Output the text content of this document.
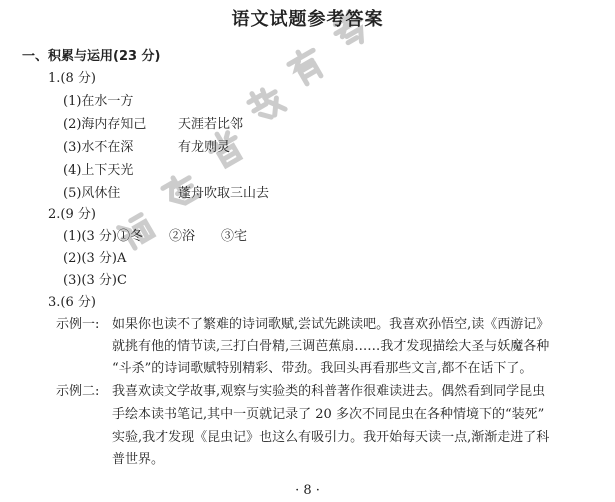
语文试题参考答案
一、积累与运用(23 分)
1.(8 分)
(1)在水一方
(2)海内存知己 天涯若比邻
(3)水不在深	有龙则灵
(4)上下天光
(5)风休住	蓬舟吹取三山去
2.(9 分)
(1)(3 分)①冬　　②浴　　③宅
(2)(3 分)A
(3)(3 分)C
3.(6 分)
示例一: 如果你也读不了繁难的诗词歌赋,尝试先跳读吧。我喜欢孙悟空,读《西游记》
就挑有他的情节读,三打白骨精,三调芭蕉扇……我才发现描绘大圣与妖魔各种
“斗杀”的诗词歌赋特别精彩、带劲。我回头再看那些文言,都不在话下了。
示例二: 我喜欢读文学故事,观察与实验类的科普著作很难读进去。偶然看到同学昆虫
手绘本读书笔记,其中一页就记录了 20 多次不同昆虫在各种情境下的“装死”
实验,我才发现《昆虫记》也这么有吸引力。我开始每天读一点,渐渐走进了科
普世界。
· 8 ·
